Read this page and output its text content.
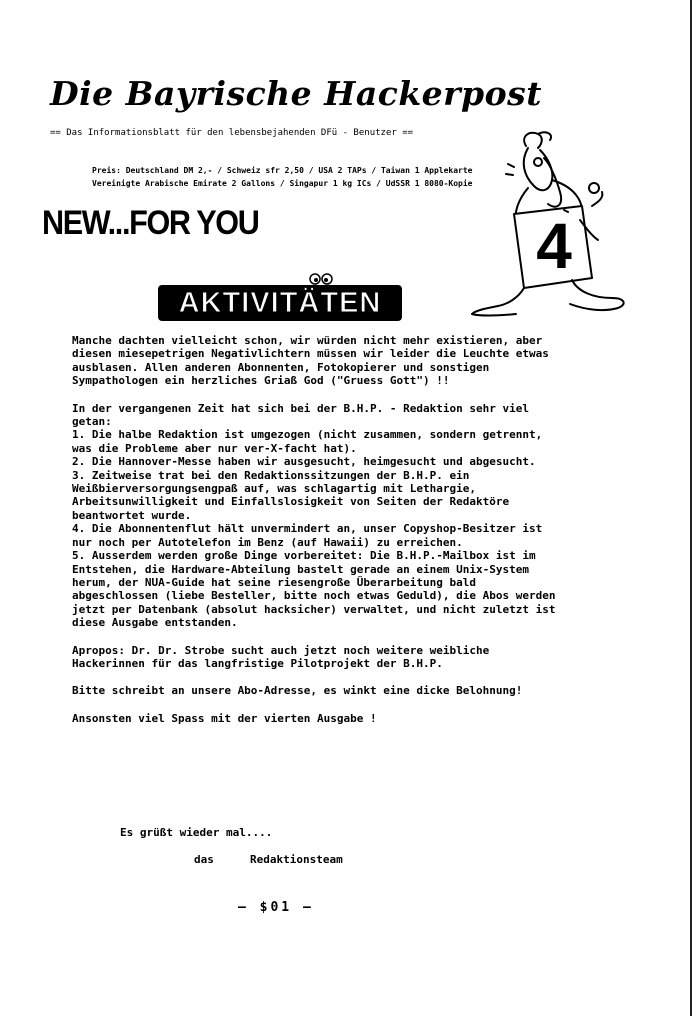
Die Bayrische Hackerpost
== Das Informationsblatt für den lebensbejahenden DFü - Benutzer ==
Preis: Deutschland DM 2,- / Schweiz sfr 2,50 / USA 2 TAPs / Taiwan 1 Applekarte
Vereinigte Arabische Emirate 2 Gallons / Singapur 1 kg ICs / UdSSR 1 8080-Kopie
NEW...FOR YOU
AKTIVITÄTEN
4

Manche dachten vielleicht schon, wir würden nicht mehr existieren, aber diesen miesepetrigen Negativlichtern müssen wir leider die Leuchte etwas ausblasen. Allen anderen Abonnenten, Fotokopierer und sonstigen Sympathologen ein herzliches Griaß God ("Gruess Gott") !!

In der vergangenen Zeit hat sich bei der B.H.P. - Redaktion sehr viel getan:

1. Die halbe Redaktion ist umgezogen (nicht zusammen, sondern getrennt, was die Probleme aber nur ver-X-facht hat).

2. Die Hannover-Messe haben wir ausgesucht, heimgesucht und abgesucht.

3. Zeitweise trat bei den Redaktionssitzungen der B.H.P. ein Weißbierversorgungsengpaß auf, was schlagartig mit Lethargie, Arbeitsunwilligkeit und Einfallslosigkeit von Seiten der Redaktöre beantwortet wurde.

4. Die Abonnentenflut hält unvermindert an, unser Copyshop-Besitzer ist nur noch per Autotelefon im Benz (auf Hawaii) zu erreichen.

5. Ausserdem werden große Dinge vorbereitet: Die B.H.P.-Mailbox ist im Entstehen, die Hardware-Abteilung bastelt gerade an einem Unix-System herum, der NUA-Guide hat seine riesengroße Überarbeitung bald abgeschlossen (liebe Besteller, bitte noch etwas Geduld), die Abos werden jetzt per Datenbank (absolut hacksicher) verwaltet, und nicht zuletzt ist diese Ausgabe entstanden.

Apropos: Dr. Dr. Strobe sucht auch jetzt noch weitere weibliche Hackerinnen für das langfristige Pilotprojekt der B.H.P.

Bitte schreibt an unsere Abo-Adresse, es winkt eine dicke Belohnung!

Ansonsten viel Spass mit der vierten Ausgabe !

Es grüßt wieder mal....
das	Redaktionsteam
— $01 —
